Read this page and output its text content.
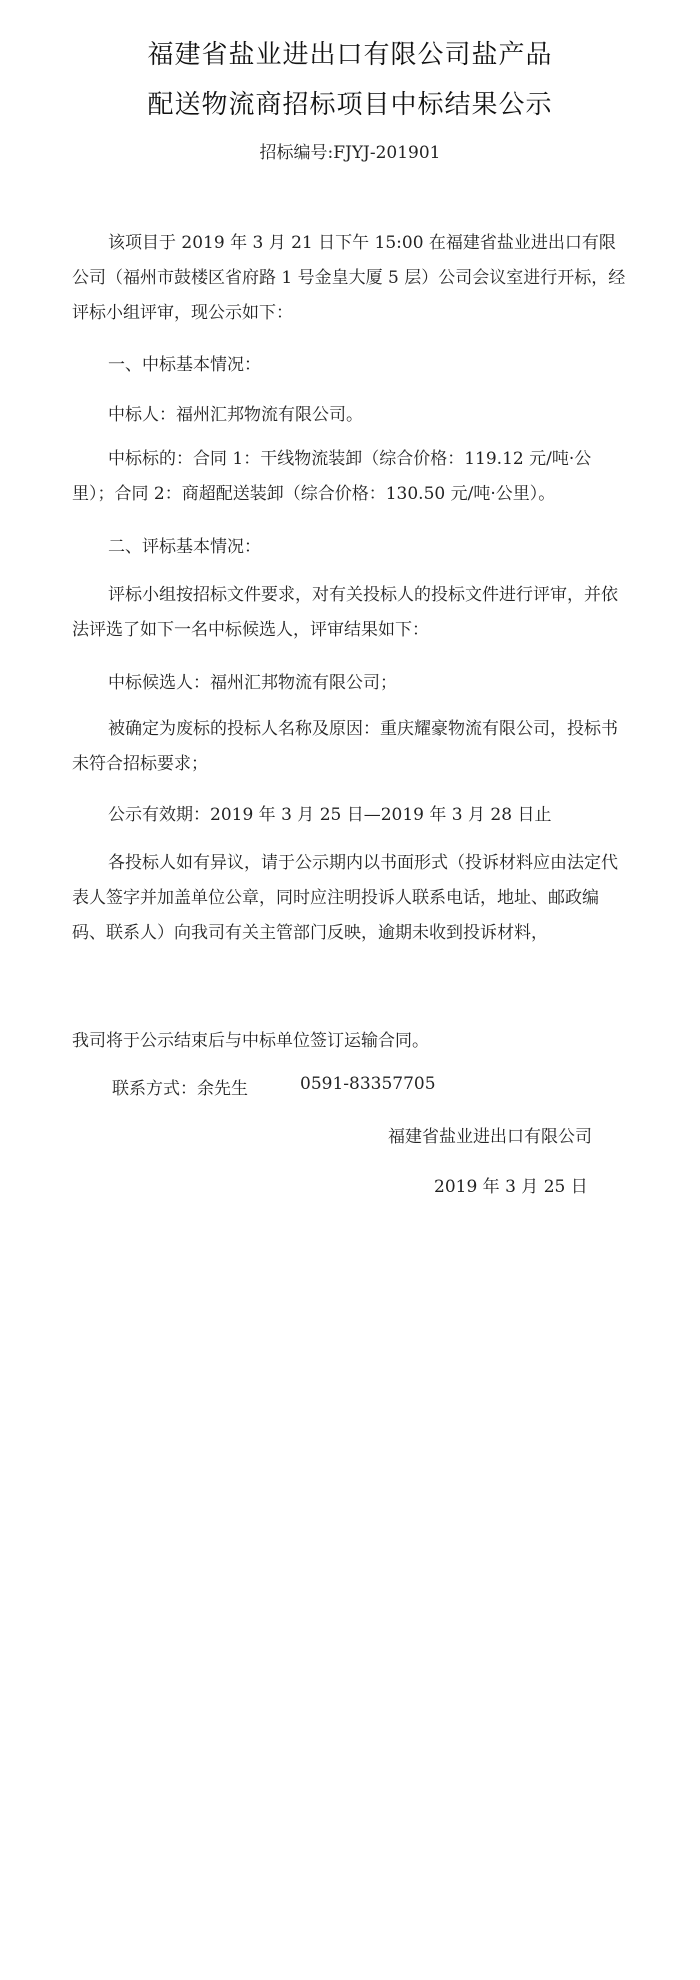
福建省盐业进出口有限公司盐产品
配送物流商招标项目中标结果公示
招标编号:FJYJ-201901
该项目于 2019 年 3 月 21 日下午 15:00 在福建省盐业进出口有限公司（福州市鼓楼区省府路 1 号金皇大厦 5 层）公司会议室进行开标，经评标小组评审，现公示如下：
一、中标基本情况：
中标人：福州汇邦物流有限公司。
中标标的：合同 1：干线物流装卸（综合价格：119.12 元/吨·公里）；合同 2：商超配送装卸（综合价格：130.50 元/吨·公里）。
二、评标基本情况：
评标小组按招标文件要求，对有关投标人的投标文件进行评审，并依法评选了如下一名中标候选人，评审结果如下：
中标候选人：福州汇邦物流有限公司；
被确定为废标的投标人名称及原因：重庆耀豪物流有限公司，投标书未符合招标要求；
公示有效期：2019 年 3 月 25 日—2019 年 3 月 28 日止
各投标人如有异议，请于公示期内以书面形式（投诉材料应由法定代表人签字并加盖单位公章，同时应注明投诉人联系电话，地址、邮政编码、联系人）向我司有关主管部门反映，逾期未收到投诉材料，
我司将于公示结束后与中标单位签订运输合同。
联系方式：余先生	0591-83357705
福建省盐业进出口有限公司
2019 年 3 月 25 日
